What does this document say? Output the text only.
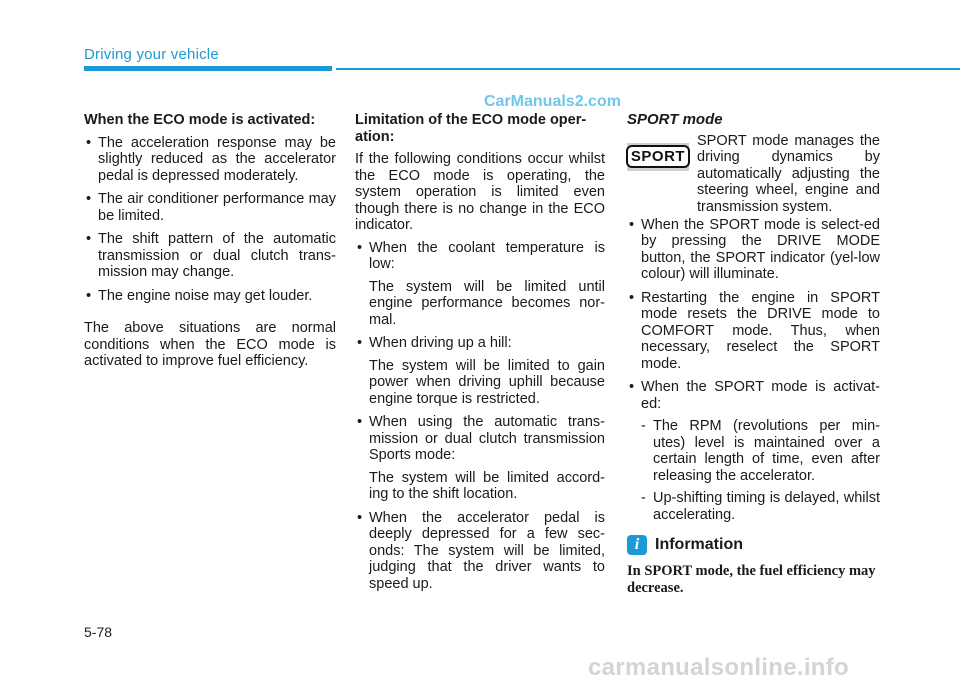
Driving your vehicle
CarManuals2.com

When the ECO mode is activated:

• The acceleration response may be slightly reduced as the accelerator pedal is depressed moderately.
• The air conditioner performance may be limited.
• The shift pattern of the automatic transmission or dual clutch trans-mission may change.
• The engine noise may get louder.

The above situations are normal conditions when the ECO mode is activated to improve fuel efficiency.

Limitation of the ECO mode oper-ation:

If the following conditions occur whilst the ECO mode is operating, the system operation is limited even though there is no change in the ECO indicator.

• When the coolant temperature is low:
The system will be limited until engine performance becomes nor-mal.
• When driving up a hill:
The system will be limited to gain power when driving uphill because engine torque is restricted.
• When using the automatic trans-mission or dual clutch transmission Sports mode:
The system will be limited accord-ing to the shift location.
• When the accelerator pedal is deeply depressed for a few sec-onds: The system will be limited, judging that the driver wants to speed up.

SPORT mode

SPORT
SPORT mode manages the driving dynamics by automatically adjusting the steering wheel, engine and transmission system.
• When the SPORT mode is select-ed by pressing the DRIVE MODE button, the SPORT indicator (yel-low colour) will illuminate.
• Restarting the engine in SPORT mode resets the DRIVE mode to COMFORT mode. Thus, when necessary, reselect the SPORT mode.
• When the SPORT mode is activat-ed:
- The RPM (revolutions per min-utes) level is maintained over a certain length of time, even after releasing the accelerator.
- Up-shifting timing is delayed, whilst accelerating.
i Information
In SPORT mode, the fuel efficiency may decrease.
5-78
carmanualsonline.info
